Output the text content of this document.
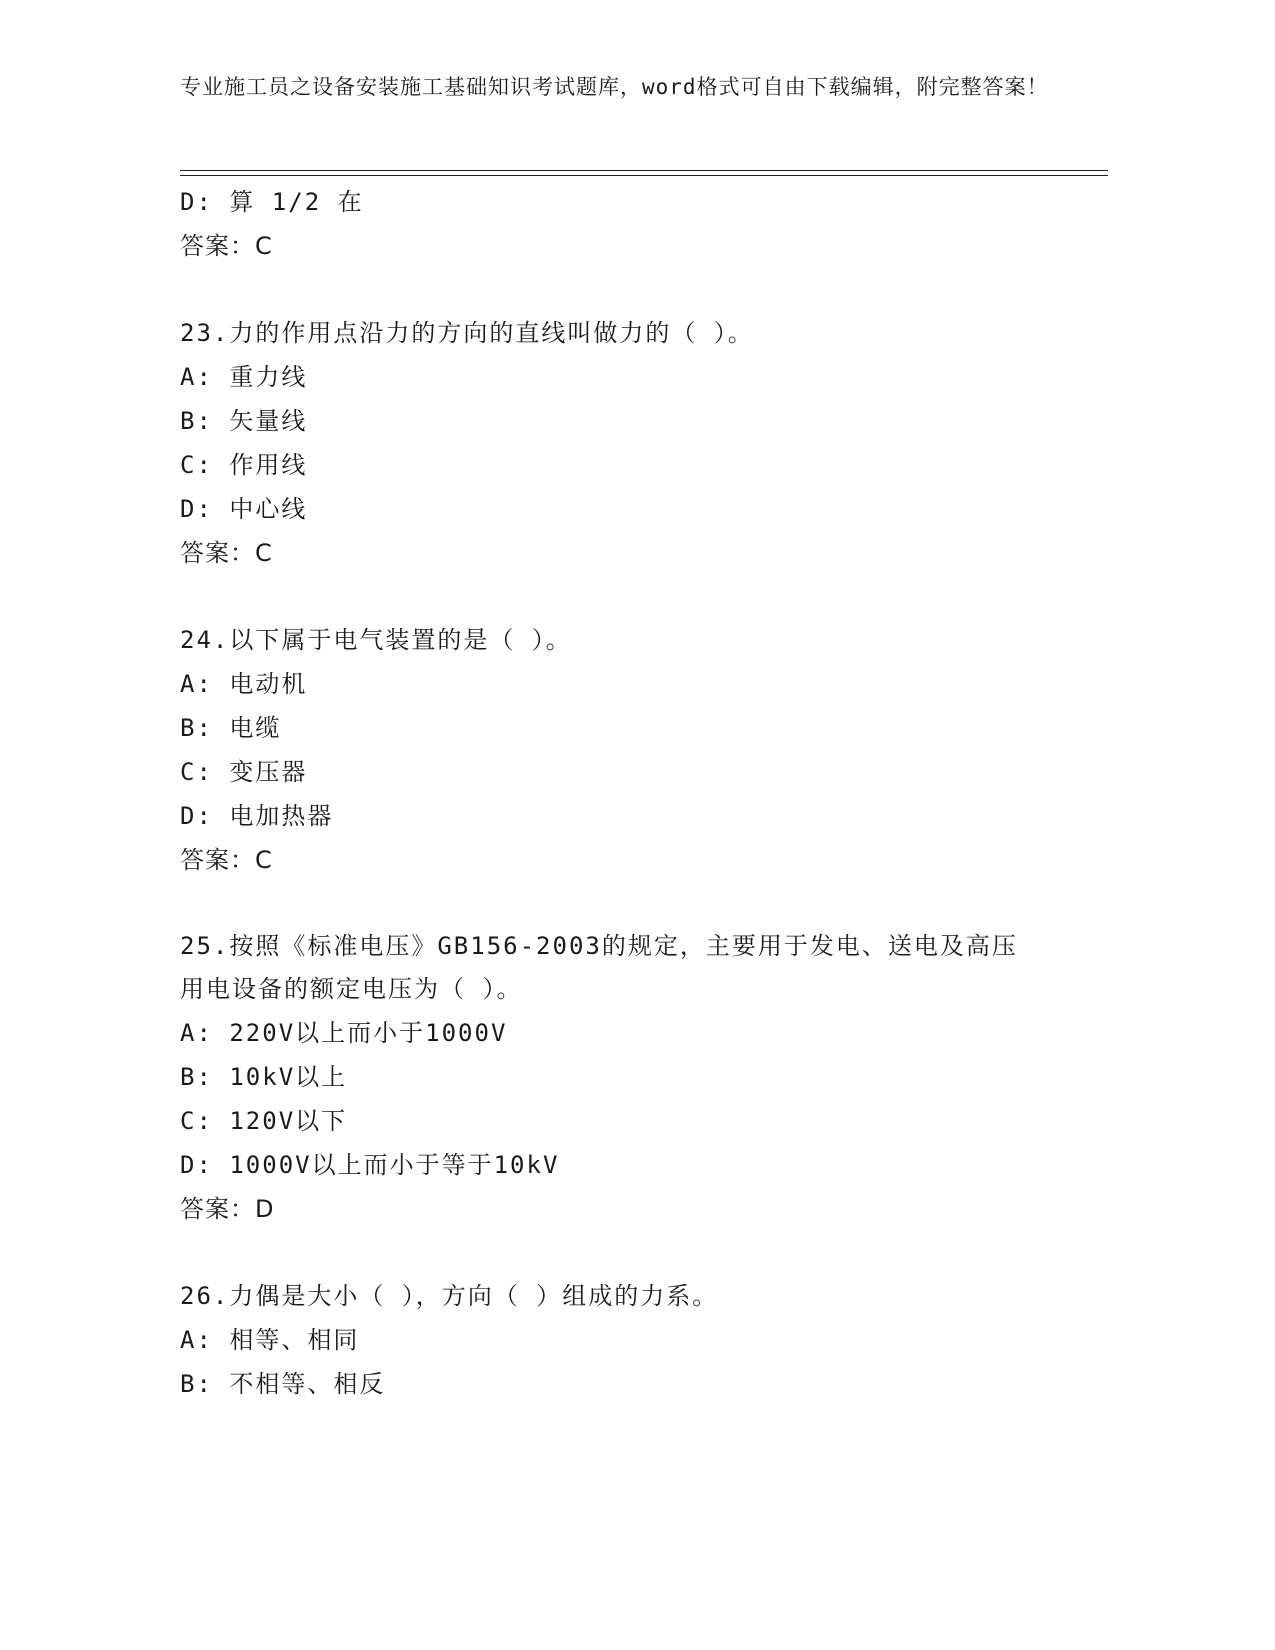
专业施工员之设备安装施工基础知识考试题库，word格式可自由下载编辑，附完整答案！
D: 算 1/2 在
答案：C
23.力的作用点沿力的方向的直线叫做力的（ ）。
A: 重力线
B: 矢量线
C: 作用线
D: 中心线
答案：C
24.以下属于电气装置的是（ ）。
A: 电动机
B: 电缆
C: 变压器
D: 电加热器
答案：C
25.按照《标准电压》GB156-2003的规定，主要用于发电、送电及高压用电设备的额定电压为（ ）。
A: 220V以上而小于1000V
B: 10kV以上
C: 120V以下
D: 1000V以上而小于等于10kV
答案：D
26.力偶是大小（ ），方向（ ）组成的力系。
A: 相等、相同
B: 不相等、相反
